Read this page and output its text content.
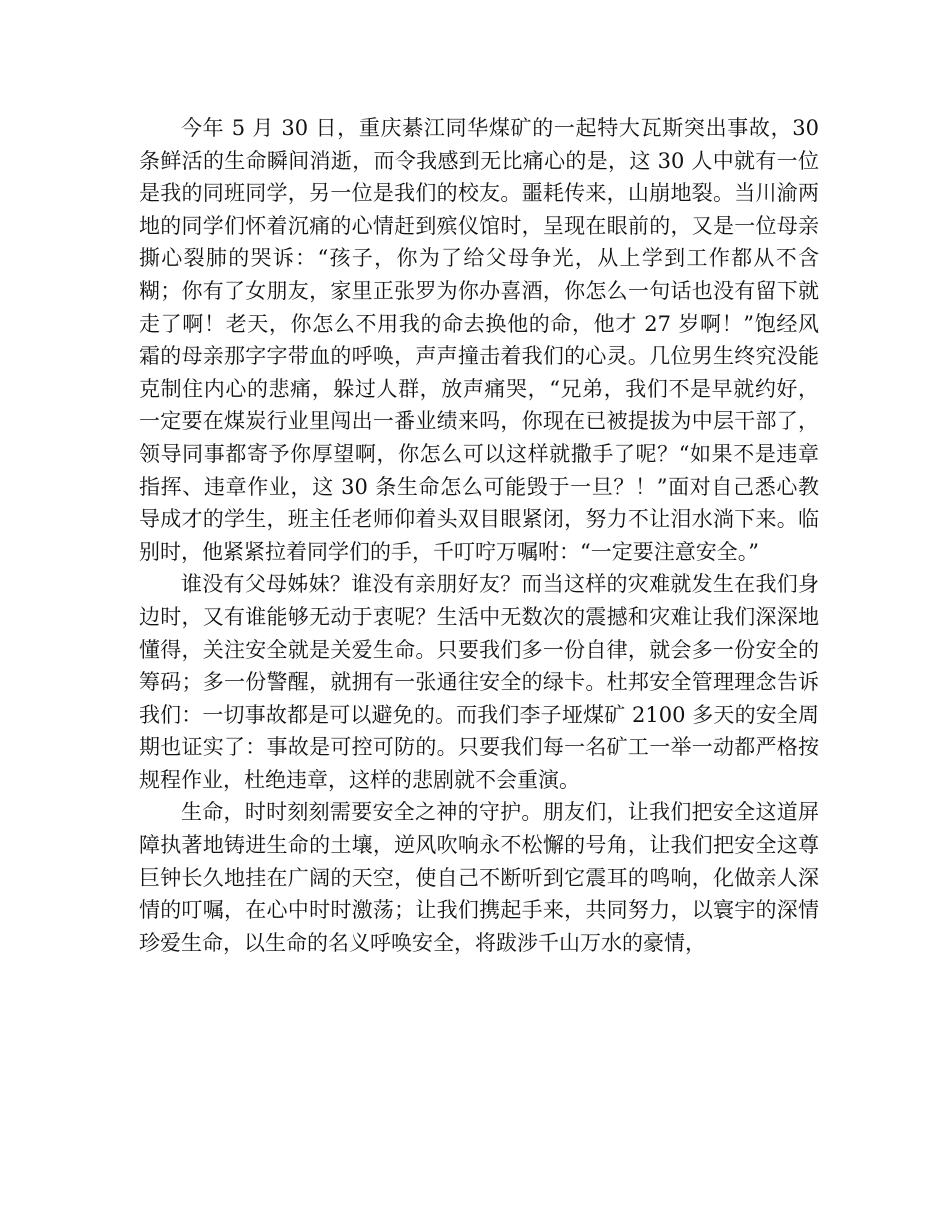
今年 5 月 30 日，重庆綦江同华煤矿的一起特大瓦斯突出事故，30 条鲜活的生命瞬间消逝，而令我感到无比痛心的是，这 30 人中就有一位是我的同班同学，另一位是我们的校友。噩耗传来，山崩地裂。当川渝两地的同学们怀着沉痛的心情赶到殡仪馆时，呈现在眼前的，又是一位母亲撕心裂肺的哭诉：“孩子，你为了给父母争光，从上学到工作都从不含糊；你有了女朋友，家里正张罗为你办喜酒，你怎么一句话也没有留下就走了啊！老天，你怎么不用我的命去换他的命，他才 27 岁啊！”饱经风霜的母亲那字字带血的呼唤，声声撞击着我们的心灵。几位男生终究没能克制住内心的悲痛，躲过人群，放声痛哭，“兄弟，我们不是早就约好，一定要在煤炭行业里闯出一番业绩来吗，你现在已被提拔为中层干部了，领导同事都寄予你厚望啊，你怎么可以这样就撒手了呢？“如果不是违章指挥、违章作业，这 30 条生命怎么可能毁于一旦？！”面对自己悉心教导成才的学生，班主任老师仰着头双目眼紧闭，努力不让泪水淌下来。临别时，他紧紧拉着同学们的手，千叮咛万嘱咐：“一定要注意安全。”

谁没有父母姊妹？谁没有亲朋好友？而当这样的灾难就发生在我们身边时，又有谁能够无动于衷呢？生活中无数次的震撼和灾难让我们深深地懂得，关注安全就是关爱生命。只要我们多一份自律，就会多一份安全的筹码；多一份警醒，就拥有一张通往安全的绿卡。杜邦安全管理理念告诉我们：一切事故都是可以避免的。而我们李子垭煤矿 2100 多天的安全周期也证实了：事故是可控可防的。只要我们每一名矿工一举一动都严格按规程作业，杜绝违章，这样的悲剧就不会重演。

生命，时时刻刻需要安全之神的守护。朋友们，让我们把安全这道屏障执著地铸进生命的土壤，逆风吹响永不松懈的号角，让我们把安全这尊巨钟长久地挂在广阔的天空，使自己不断听到它震耳的鸣响，化做亲人深情的叮嘱，在心中时时激荡；让我们携起手来，共同努力，以寰宇的深情珍爱生命，以生命的名义呼唤安全，将跋涉千山万水的豪情，
